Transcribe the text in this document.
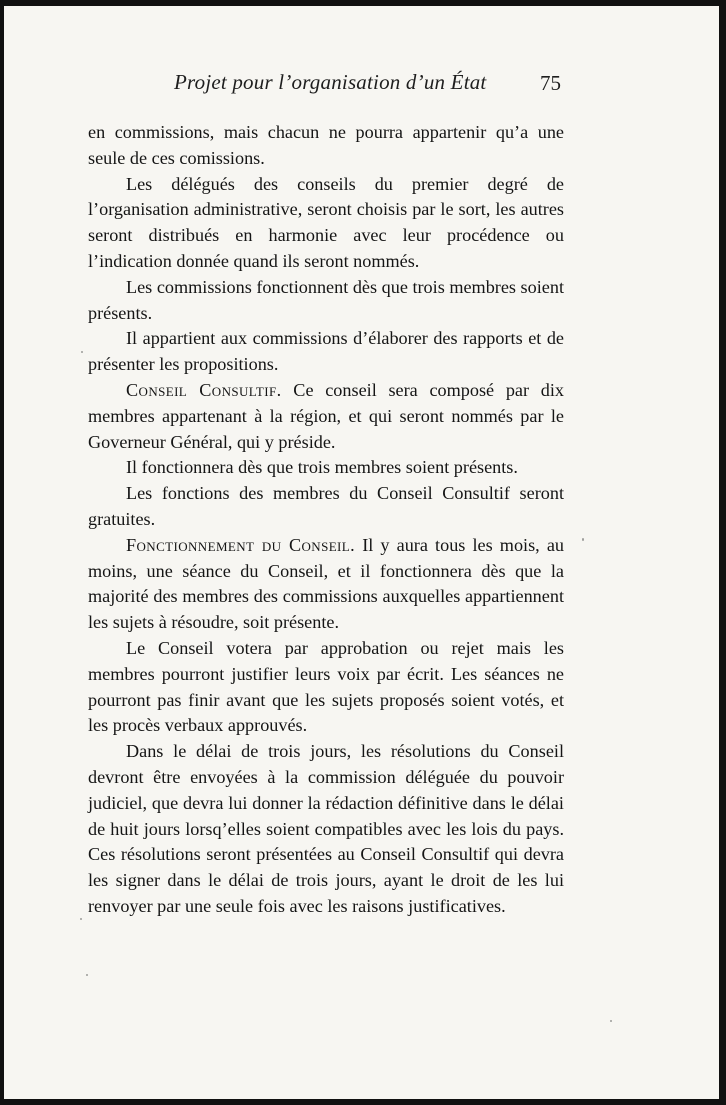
Projet pour l’organisation d’un État	75

en commissions, mais chacun ne pourra appartenir qu’a une seule de ces comissions.

Les délégués des conseils du premier degré de l’organisation administrative, seront choisis par le sort, les autres seront distribués en harmonie avec leur procédence ou l’indication donnée quand ils seront nommés.

Les commissions fonctionnent dès que trois membres soient présents.

Il appartient aux commissions d’élaborer des rapports et de présenter les propositions.

Conseil Consultif. Ce conseil sera composé par dix membres appartenant à la région, et qui seront nommés par le Governeur Général, qui y préside.

Il fonctionnera dès que trois membres soient présents.

Les fonctions des membres du Conseil Consultif seront gratuites.

Fonctionnement du Conseil. Il y aura tous les mois, au moins, une séance du Conseil, et il fonctionnera dès que la majorité des membres des commissions auxquelles appartiennent les sujets à résoudre, soit présente.

Le Conseil votera par approbation ou rejet mais les membres pourront justifier leurs voix par écrit. Les séances ne pourront pas finir avant que les sujets proposés soient votés, et les procès verbaux approuvés.

Dans le délai de trois jours, les résolutions du Conseil devront être envoyées à la commission déléguée du pouvoir judiciel, que devra lui donner la rédaction définitive dans le délai de huit jours lorsq’elles soient compatibles avec les lois du pays. Ces résolutions seront présentées au Conseil Consultif qui devra les signer dans le délai de trois jours, ayant le droit de les lui renvoyer par une seule fois avec les raisons justificatives.
